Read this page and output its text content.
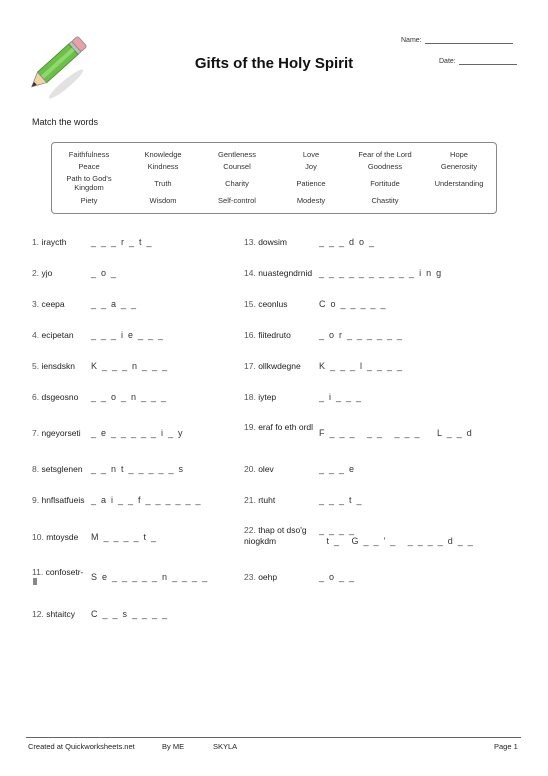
Gifts of the Holy Spirit
Name:
Date:
Match the words
Faithfulness	Knowledge	Gentleness	Love	Fear of the Lord	Hope
Peace	Kindness	Counsel	Joy	Goodness	Generosity
Path to God's Kingdom	Truth	Charity	Patience	Fortitude	Understanding
Piety	Wisdom	Self-control	Modesty	Chastity
1. iraycth	_  _  _  r  _  t  _
2. yjo	_  o  _
3. ceepa	_  _  a  _  _
4. ecipetan _  _  _  i  e  _  _  _
5. iensdskn K  _  _  _  n  _  _  _
6. dsgeosno _  _  o  _  n  _  _  _
7. ngeyorseti _  e  _  _  _  _  _  i  _  y
8. setsglenen _  _  n  t  _  _  _  _  _  s
9. hnflsatfueis _  a  i  _  _  f  _  _  _  _  _  _
10. mtoysde M  _  _  _  _  t  _
11. confosetr- S  e  _  _  _  _  _  n  _  _  _  _
12. shtaitcy C  _  _  s  _  _  _  _
13. dowsim	_  _  _  d  o  _
14. nuastegndrnid _  _  _  _  _  _  _  _  _  _  i  n  g
15. ceonlus	C  o  _  _  _  _  _
16. fiitedruto	_  o  r  _  _  _  _  _  _
17. ollkwdegne K  _  _  _  l  _  _  _  _
18. iytep	_  i  _  _  _
19. eraf fo eth ordl
F  _  _  _     _  _     _  _  _       L  _  _  d
20. olev	_  _  _  e
21. rtuht	_  _  _  t  _
22. thap ot dso'g niogkdm
_  _  _  _
t  _     G  _  _  '  _     _  _  _  _  d  _  _
23. oehp	_  o  _  _
Created at Quickworksheets.net	By ME	SKYLA	Page 1
